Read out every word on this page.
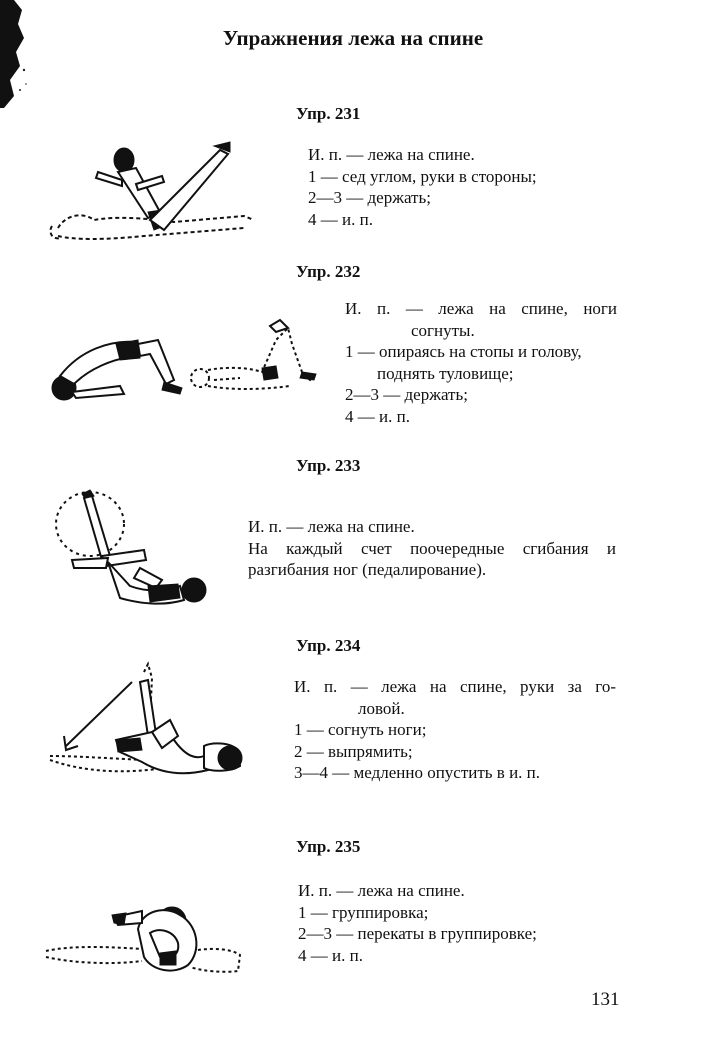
Упражнения лежа на спине
Упр. 231
И. п. — лежа на спине.
1 — сед углом, руки в стороны;
2—3 — держать;
4 — и. п.
Упр. 232
И. п. — лежа на спине, ноги
согнуты.
1 — опираясь на стопы и голову,
поднять туловище;
2—3 — держать;
4 — и. п.
Упр. 233
И. п. — лежа на спине.
На каждый счет поочередные сгибания и
разгибания ног (педалирование).
Упр. 234
И. п. — лежа на спине, руки за го-
ловой.
1 — согнуть ноги;
2 — выпрямить;
3—4 — медленно опустить в и. п.
Упр. 235
И. п. — лежа на спине.
1 — группировка;
2—3 — перекаты в группировке;
4 — и. п.
131
